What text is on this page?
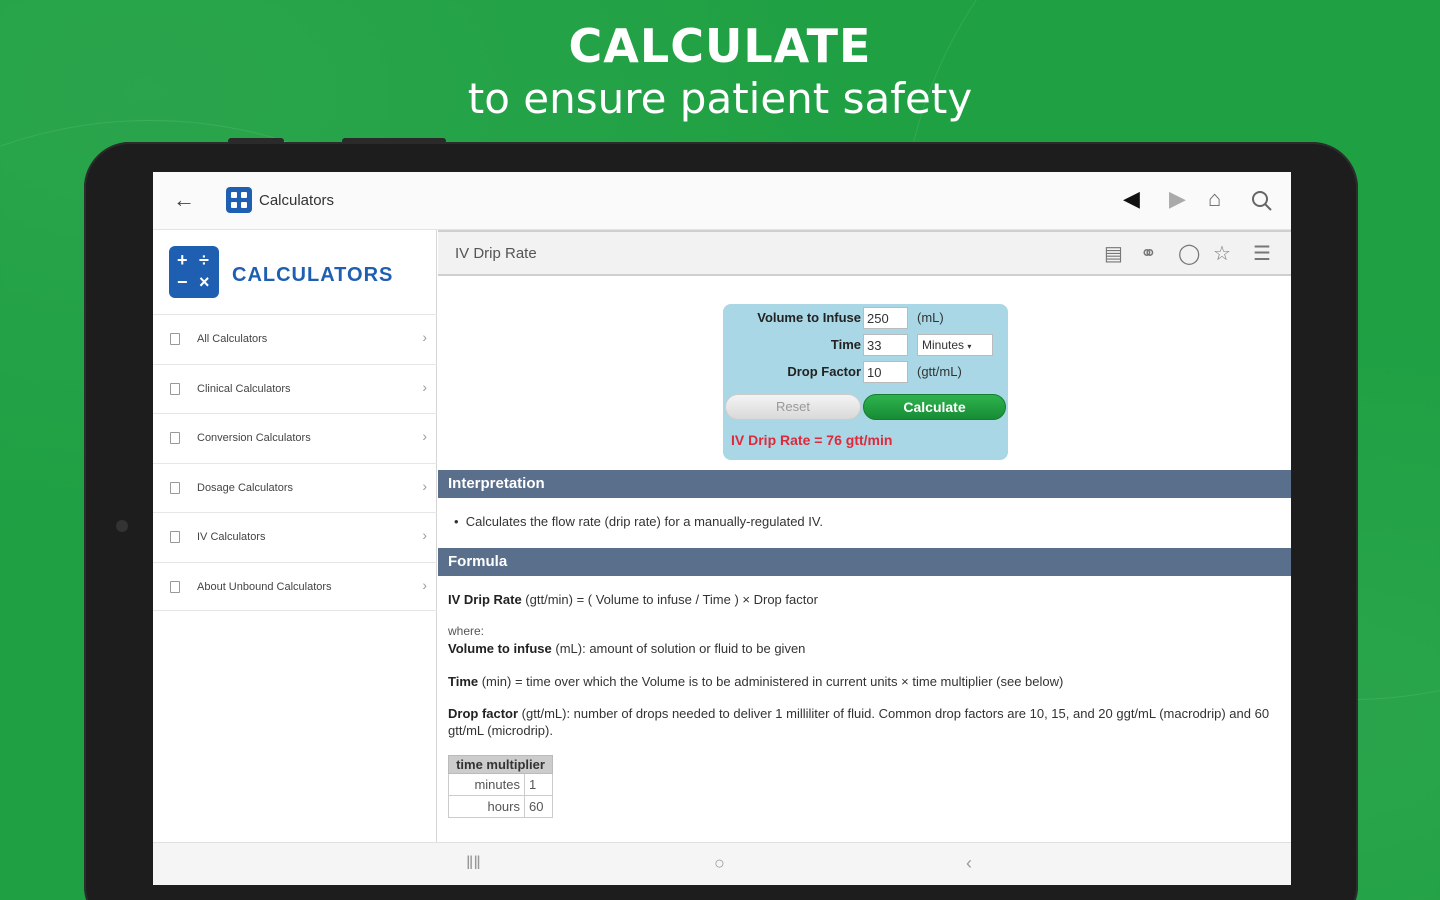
CALCULATE
to ensure patient safety
←	Calculators	◀ ▶ ⌂
+ ÷
− × CALCULATORS
All Calculators	›
Clinical Calculators	›
Conversion Calculators	›
Dosage Calculators	›
IV Calculators	›
About Unbound Calculators	›
IV Drip Rate	▤ ⚭ ◯ ☆ ☰
Volume to Infuse 250	(mL)
Time 33	Minutes ▾
Drop Factor 10	(gtt/mL)
Reset	Calculate
IV Drip Rate = 76 gtt/min
Interpretation
•  Calculates the flow rate (drip rate) for a manually-regulated IV.
Formula
IV Drip Rate (gtt/min) = ( Volume to infuse / Time ) × Drop factor
where:
Volume to infuse (mL): amount of solution or fluid to be given
Time (min) = time over which the Volume is to be administered in current units × time multiplier (see below)
Drop factor (gtt/mL): number of drops needed to deliver 1 milliliter of fluid. Common drop factors are 10, 15, and 20 ggt/mL (macrodrip) and 60 gtt/mL (microdrip).
time multiplier	
minutes	1
hours	60
‖‖	○	‹
